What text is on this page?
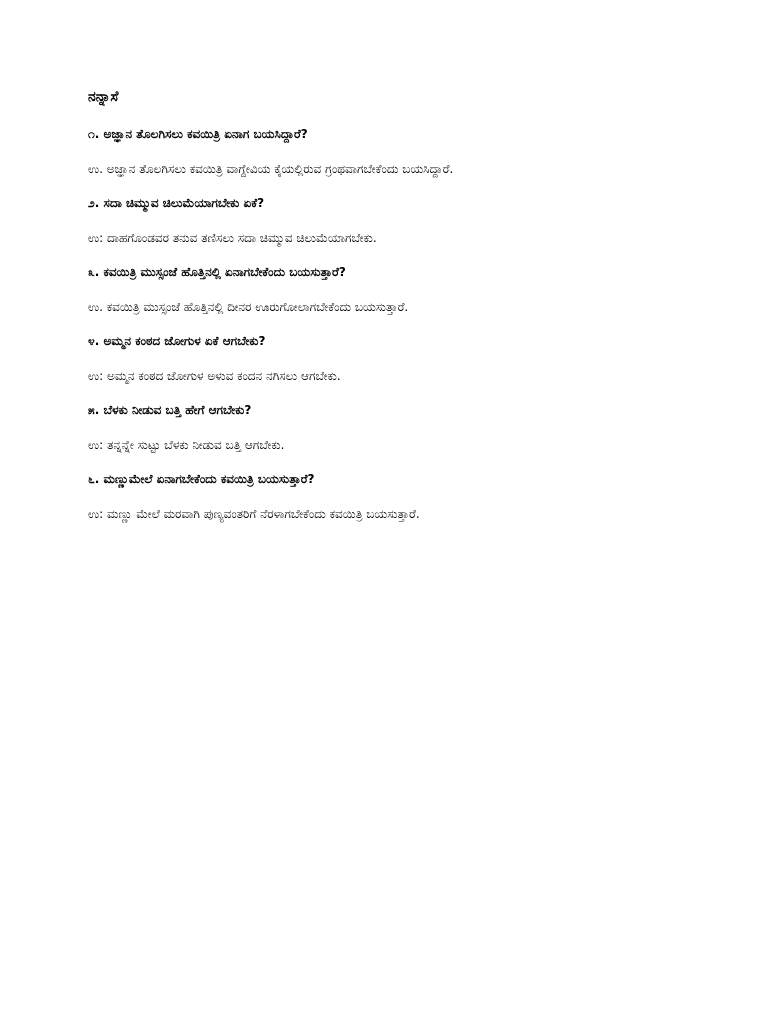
ನನ್ನಾಸೆ
೧. ಅಜ್ಞಾನ ತೊಲಗಿಸಲು ಕವಯಿತ್ರಿ ಏನಾಗ ಬಯಸಿದ್ದಾರೆ?
ಉ. ಅಜ್ಞಾನ ತೊಲಗಿಸಲು ಕವಯಿತ್ರಿ ವಾಗ್ದೇವಿಯ ಕೈಯಲ್ಲಿರುವ ಗ್ರಂಥವಾಗಬೇಕೆಂದು ಬಯಸಿದ್ದಾರೆ.
೨. ಸದಾ ಚಿಮ್ಮುವ ಚಿಲುಮೆಯಾಗಬೇಕು ಏಕೆ?
ಉ: ದಾಹಗೊಂಡವರ ತನುವ ತಣಿಸಲು ಸದಾ ಚಿಮ್ಮುವ ಚಿಲುಮೆಯಾಗಬೇಕು.
೩. ಕವಯಿತ್ರಿ ಮುಸ್ಸಂಜೆ ಹೊತ್ತಿನಲ್ಲಿ ಏನಾಗಬೇಕೆಂದು ಬಯಸುತ್ತಾರೆ?
ಉ. ಕವಯಿತ್ರಿ ಮುಸ್ಸಂಜೆ ಹೊತ್ತಿನಲ್ಲಿ ದೀನರ ಊರುಗೋಲಾಗಬೇಕೆಂದು ಬಯಸುತ್ತಾರೆ.
೪. ಅಮ್ಮನ ಕಂಠದ ಜೋಗುಳ ಏಕೆ ಆಗಬೇಕು?
ಉ: ಅಮ್ಮನ ಕಂಠದ ಜೋಗುಳ ಅಳುವ ಕಂದನ ನಗಿಸಲು ಆಗಬೇಕು.
೫. ಬೆಳಕು ನೀಡುವ ಬತ್ತಿ ಹೇಗೆ ಆಗಬೇಕು?
ಉ: ತನ್ನನ್ನೇ ಸುಟ್ಟು ಬೆಳಕು ನೀಡುವ ಬತ್ತಿ ಆಗಬೇಕು.
೬. ಮಣ್ಣುಮೇಲೆ ಏನಾಗಬೇಕೆಂದು ಕವಯಿತ್ರಿ ಬಯಸುತ್ತಾರೆ?
ಉ: ಮಣ್ಣು ಮೇಲೆ ಮರವಾಗಿ ಪುಣ್ಯವಂತರಿಗೆ ನೆರಳಾಗಬೇಕೆಂದು ಕವಯಿತ್ರಿ ಬಯಸುತ್ತಾರೆ.
